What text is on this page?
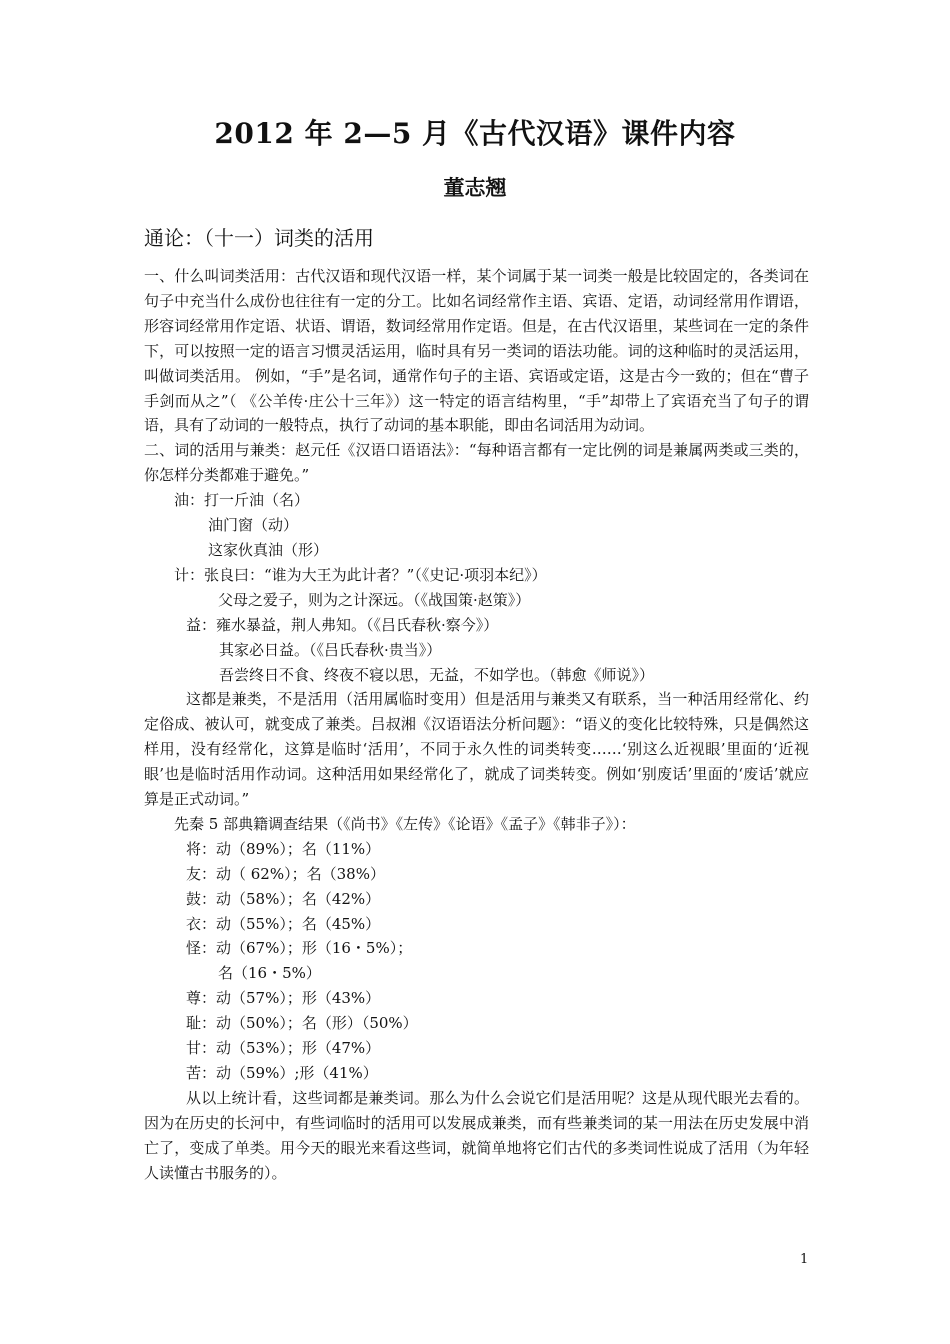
2012 年 2—5 月《古代汉语》课件内容
董志翘
通论：（十一）词类的活用
一、什么叫词类活用：古代汉语和现代汉语一样，某个词属于某一词类一般是比较固定的，各类词在句子中充当什么成份也往往有一定的分工。比如名词经常作主语、宾语、定语，动词经常用作谓语，形容词经常用作定语、状语、谓语，数词经常用作定语。但是，在古代汉语里，某些词在一定的条件下，可以按照一定的语言习惯灵活运用，临时具有另一类词的语法功能。词的这种临时的灵活运用，叫做词类活用。 例如，“手”是名词，通常作句子的主语、宾语或定语，这是古今一致的；但在“曹子手剑而从之”（ 《公羊传·庄公十三年》）这一特定的语言结构里，“手”却带上了宾语充当了句子的谓语，具有了动词的一般特点，执行了动词的基本职能，即由名词活用为动词。
二、词的活用与兼类：赵元任《汉语口语语法》：“每种语言都有一定比例的词是兼属两类或三类的，你怎样分类都难于避免。”
油：打一斤油（名）
油门窗（动）
这家伙真油（形）
计：张良曰：“谁为大王为此计者？”（《史记·项羽本纪》）
父母之爱子，则为之计深远。（《战国策·赵策》）
益：雍水暴益，荆人弗知。（《吕氏春秋·察今》）
其家必日益。（《吕氏春秋·贵当》）
吾尝终日不食、终夜不寝以思，无益，不如学也。（韩愈《师说》）
这都是兼类，不是活用（活用属临时变用）但是活用与兼类又有联系，当一种活用经常化、约定俗成、被认可，就变成了兼类。吕叔湘《汉语语法分析问题》：“语义的变化比较特殊，只是偶然这样用，没有经常化，这算是临时‘活用’，不同于永久性的词类转变……‘别这么近视眼’里面的‘近视眼’也是临时活用作动词。这种活用如果经常化了，就成了词类转变。例如‘别废话’里面的‘废话’就应算是正式动词。”
先秦 5 部典籍调查结果（《尚书》《左传》《论语》《孟子》《韩非子》）：
将：动（89%）；名（11%）
友：动（ 62%）；名（38%）
鼓：动（58%）；名（42%）
衣：动（55%）；名（45%）
怪：动（67%）；形（16・5%）；
名（16・5%）
尊：动（57%）；形（43%）
耻：动（50%）；名（形）（50%）
甘：动（53%）；形（47%）
苦：动（59%）;形（41%）
从以上统计看，这些词都是兼类词。那么为什么会说它们是活用呢？这是从现代眼光去看的。因为在历史的长河中，有些词临时的活用可以发展成兼类，而有些兼类词的某一用法在历史发展中消亡了，变成了单类。用今天的眼光来看这些词，就简单地将它们古代的多类词性说成了活用（为年轻人读懂古书服务的）。
1
